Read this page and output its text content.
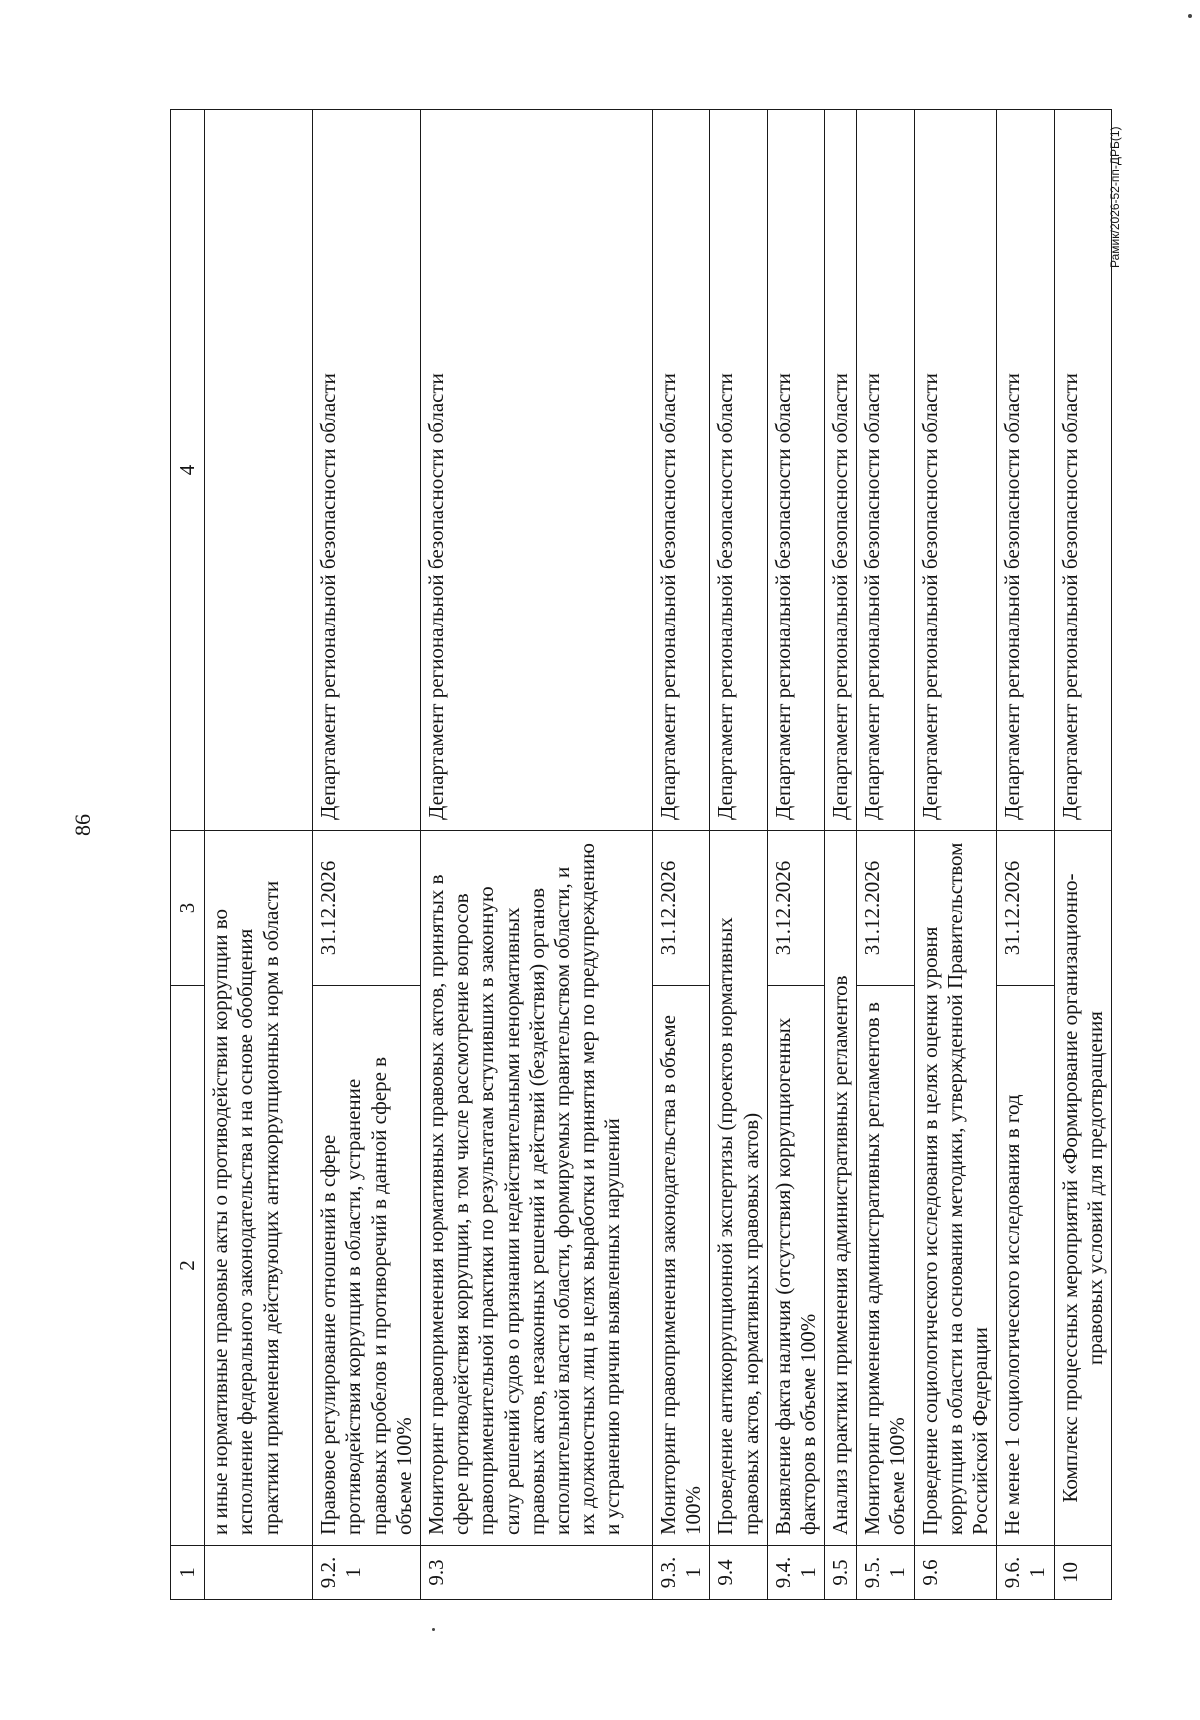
86
Рамик/2026-52-пп-ДРБ(1)
1	2	3	4
	и иные нормативные правовые акты о противодействии коррупции во исполнение федерального законодательства и на основе обобщения практики применения действующих антикоррупционных норм в области		
9.2.1	Правовое регулирование отношений в сфере противодействия коррупции в области, устранение правовых пробелов и противоречий в данной сфере в объеме 100%	31.12.2026	Департамент региональной безопасности области
9.3	Мониторинг правоприменения нормативных правовых актов, принятых в сфере противодействия коррупции, в том числе рассмотрение вопросов правоприменительной практики по результатам вступивших в законную силу решений судов о признании недействительными ненормативных правовых актов, незаконных решений и действий (бездействия) органов исполнительной власти области, формируемых правительством области, и их должностных лиц в целях выработки и принятия мер по предупреждению и устранению причин выявленных нарушений		Департамент региональной безопасности области
9.3.1	Мониторинг правоприменения законодательства в объеме 100%	31.12.2026	Департамент региональной безопасности области
9.4	Проведение антикоррупционной экспертизы (проектов нормативных правовых актов, нормативных правовых актов)		Департамент региональной безопасности области
9.4.1	Выявление факта наличия (отсутствия) коррупциогенных факторов в объеме 100%	31.12.2026	Департамент региональной безопасности области
9.5	Анализ практики применения административных регламентов		Департамент региональной безопасности области
9.5.1	Мониторинг применения административных регламентов в объеме 100%	31.12.2026	Департамент региональной безопасности области
9.6	Проведение социологического исследования в целях оценки уровня коррупции в области на основании методики, утвержденной Правительством Российской Федерации		Департамент региональной безопасности области
9.6.1	Не менее 1 социологического исследования в год	31.12.2026	Департамент региональной безопасности области
10	Комплекс процессных мероприятий «Формирование организационно-правовых условий для предотвращения		Департамент региональной безопасности области
